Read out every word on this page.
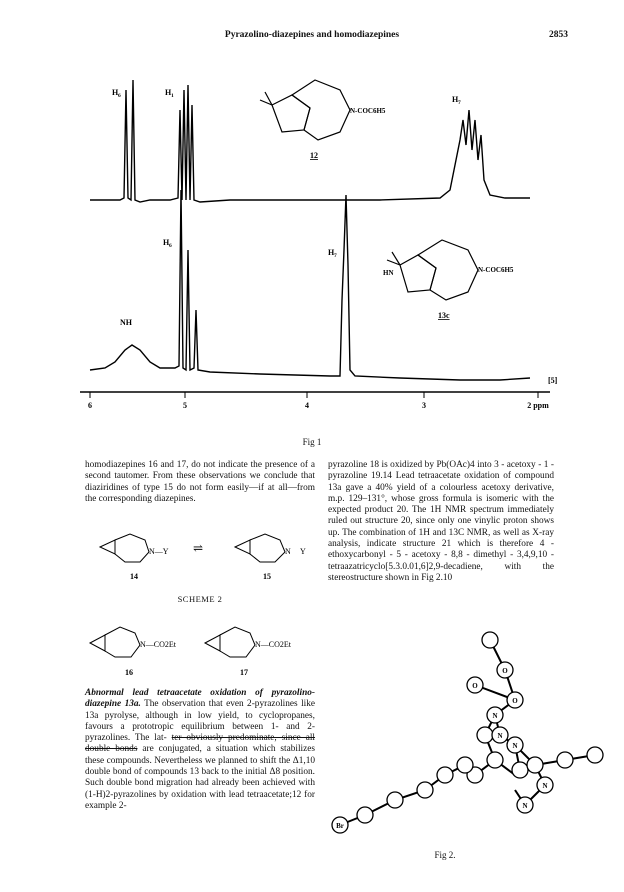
Pyrazolino-diazepines and homodiazepines	2853
6	5	4	3	2 ppm
H 6	H 1	H 7
N-COC6H5
12
NH
H 6
H 7
HN	N-COC6H5
13c
[5]
Fig 1

homodiazepines 16 and 17, do not indicate the presence of a second tautomer. From these observations we conclude that diaziridines of type 15 do not form easily—if at all—from the corresponding diazepines.

N—Y ⇌	N Y
14	15
SCHEME 2
N—CO2Et	N—CO2Et
16	17

Abnormal lead tetraacetate oxidation of pyrazolino-diazepine 13a. The observation that even 2-pyrazolines like 13a pyrolyse, although in low yield, to cyclopropanes, favours a prototropic equilibrium between 1- and 2-pyrazolines. The lat- ter obviously predominate, since all double bonds are conjugated, a situation which stabilizes these compounds. Nevertheless we planned to shift the Δ1,10 double bond of compounds 13 back to the initial Δ8 position. Such double bond migration had already been achieved with (1-H)2-pyrazolines by oxidation with lead tetraacetate;12 for example 2-

pyrazoline 18 is oxidized by Pb(OAc)4 into 3 - acetoxy - 1 - pyrazoline 19.14 Lead tetraacetate oxidation of compound 13a gave a 40% yield of a colourless acetoxy derivative, m.p. 129–131°, whose gross formula is isomeric with the expected product 20. The 1H NMR spectrum immediately ruled out structure 20, since only one vinylic proton shows up. The combination of 1H and 13C NMR, as well as X-ray analysis, indicate structure 21 which is therefore 4 - ethoxycarbonyl - 5 - acetoxy - 8,8 - dimethyl - 3,4,9,10 - tetraazatricyclo[5.3.0.01,6]2,9-decadiene, with the stereostructure shown in Fig 2.10

O
O
O
N
N
N
N
N
Br
Fig 2.
